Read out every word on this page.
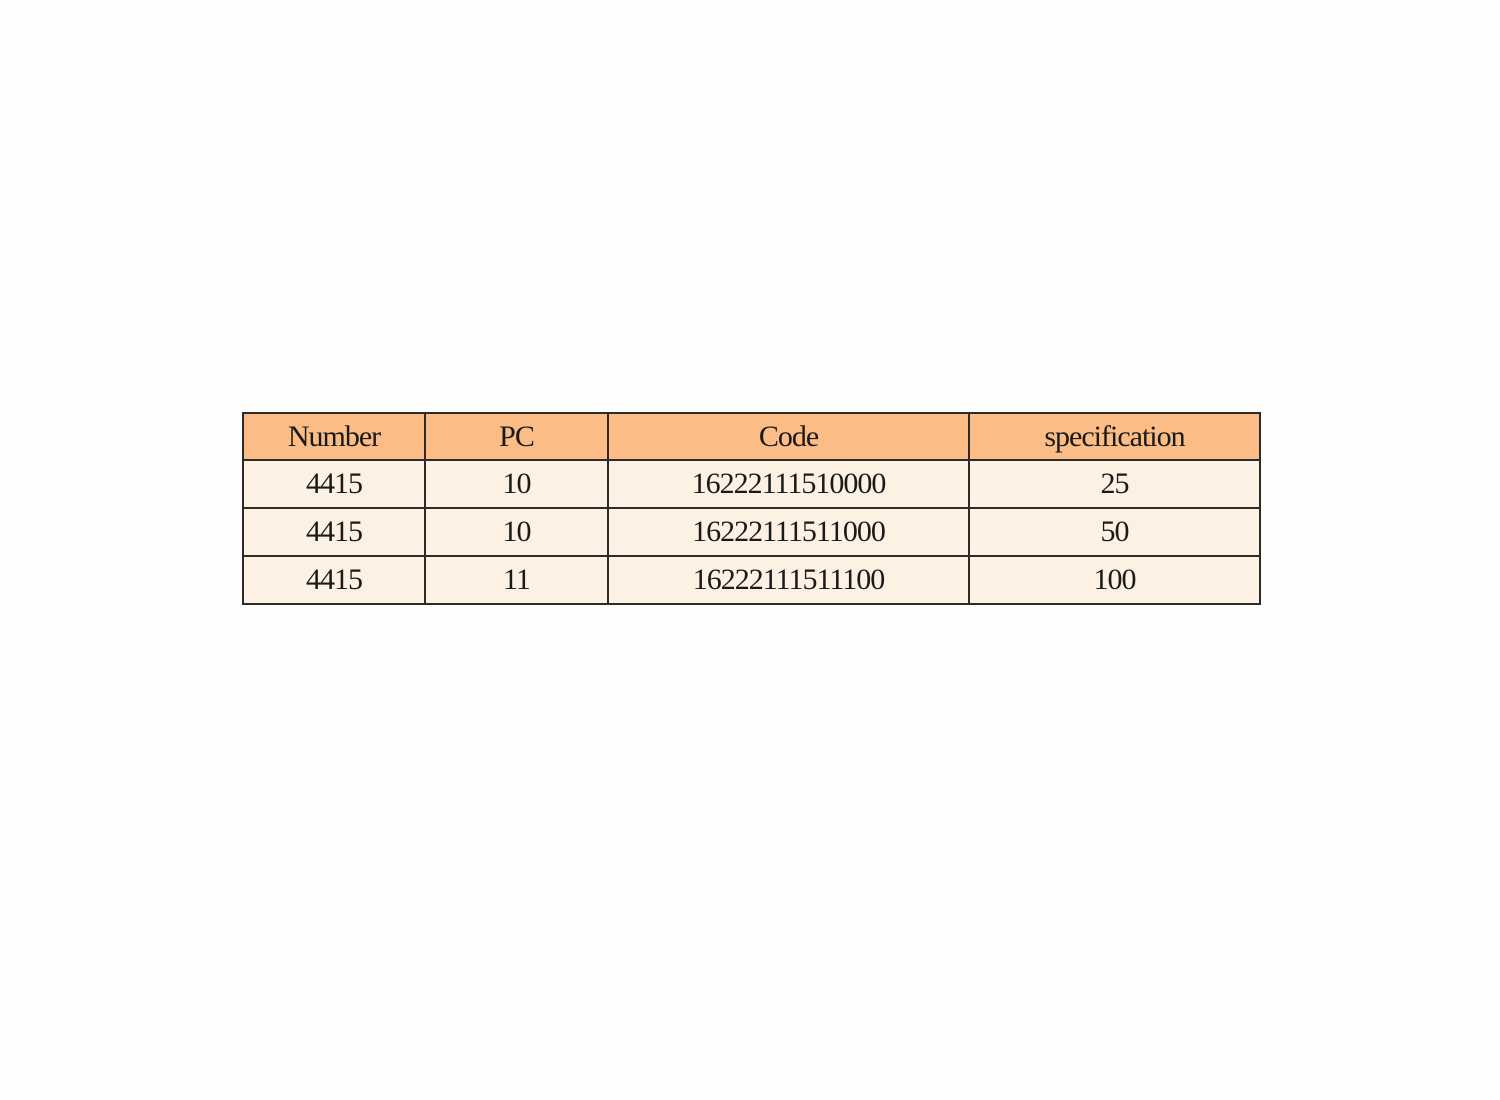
Number	PC	Code	specification
4415	10	16222111510000	25
4415	10	16222111511000	50
4415	11	16222111511100	100
